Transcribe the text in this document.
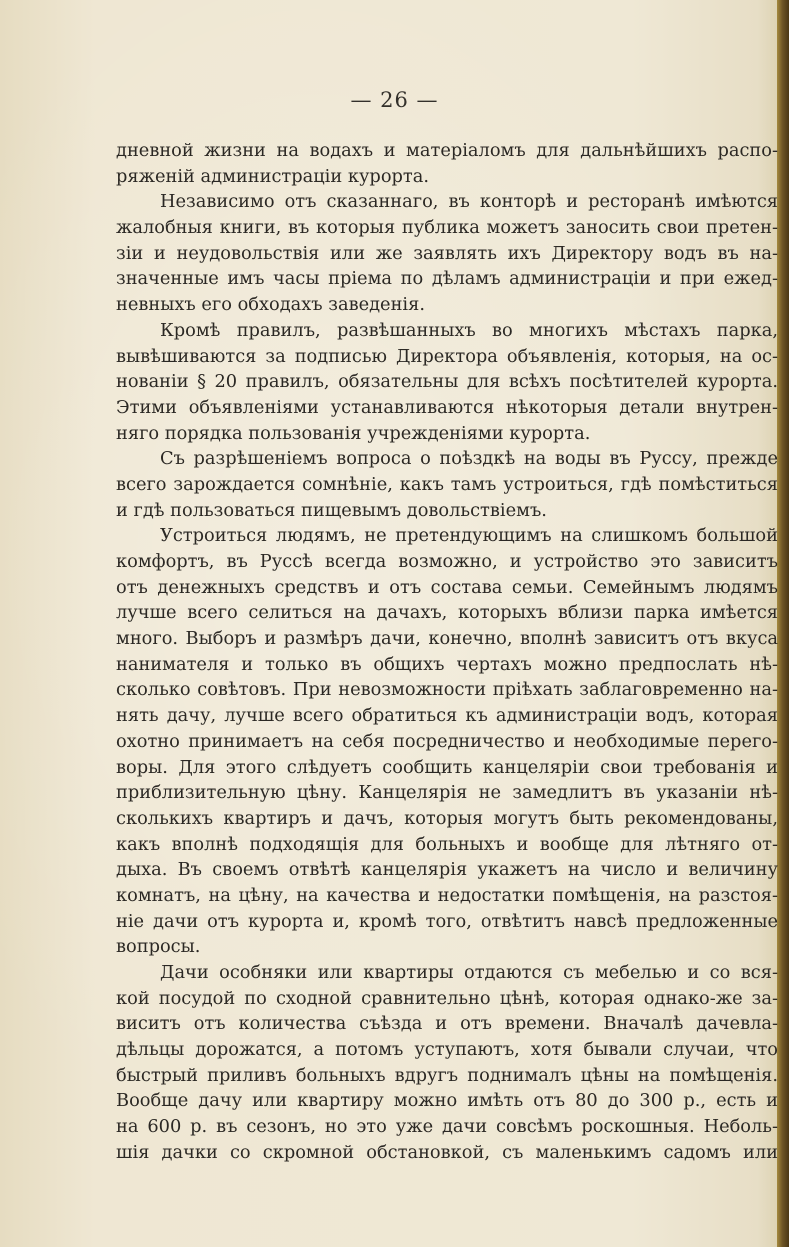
— 26 —
дневной жизни на водахъ и матеріаломъ для дальнѣйшихъ распо-
ряженій администраціи курорта.
Независимо отъ сказаннаго, въ конторѣ и ресторанѣ имѣются
жалобныя книги, въ которыя публика можетъ заносить свои претен-
зіи и неудовольствія или же заявлять ихъ Директору водъ въ на-
значенные имъ часы пріема по дѣламъ администраціи и при ежед-
невныхъ его обходахъ заведенія.
Кромѣ правилъ, развѣшанныхъ во многихъ мѣстахъ парка,
вывѣшиваются за подписью Директора объявленія, которыя, на ос-
нованіи § 20 правилъ, обязательны для всѣхъ посѣтителей курорта.
Этими объявленіями устанавливаются нѣкоторыя детали внутрен-
няго порядка пользованія учрежденіями курорта.
Съ разрѣшеніемъ вопроса о поѣздкѣ на воды въ Руссу, прежде
всего зарождается сомнѣніе, какъ тамъ устроиться, гдѣ помѣститься
и гдѣ пользоваться пищевымъ довольствіемъ.
Устроиться людямъ, не претендующимъ на слишкомъ большой
комфортъ, въ Руссѣ всегда возможно, и устройство это зависитъ
отъ денежныхъ средствъ и отъ состава семьи. Семейнымъ людямъ
лучше всего селиться на дачахъ, которыхъ вблизи парка имѣется
много. Выборъ и размѣръ дачи, конечно, вполнѣ зависитъ отъ вкуса
нанимателя и только въ общихъ чертахъ можно предпослать нѣ-
сколько совѣтовъ. При невозможности пріѣхать заблаговременно на-
нять дачу, лучше всего обратиться къ администраціи водъ, которая
охотно принимаетъ на себя посредничество и необходимые перего-
воры. Для этого слѣдуетъ сообщить канцеляріи свои требованія и
приблизительную цѣну. Канцелярія не замедлитъ въ указаніи нѣ-
сколькихъ квартиръ и дачъ, которыя могутъ быть рекомендованы,
какъ вполнѣ подходящія для больныхъ и вообще для лѣтняго от-
дыха. Въ своемъ отвѣтѣ канцелярія укажетъ на число и величину
комнатъ, на цѣну, на качества и недостатки помѣщенія, на разстоя-
ніе дачи отъ курорта и, кромѣ того, отвѣтитъ навсѣ предложенные
вопросы.
Дачи особняки или квартиры отдаются съ мебелью и со вся-
кой посудой по сходной сравнительно цѣнѣ, которая однако-же за-
виситъ отъ количества съѣзда и отъ времени. Вначалѣ дачевла-
дѣльцы дорожатся, а потомъ уступаютъ, хотя бывали случаи, что
быстрый приливъ больныхъ вдругъ поднималъ цѣны на помѣщенія.
Вообще дачу или квартиру можно имѣть отъ 80 до 300 р., есть и
на 600 р. въ сезонъ, но это уже дачи совсѣмъ роскошныя. Неболь-
шія дачки со скромной обстановкой, съ маленькимъ садомъ или
